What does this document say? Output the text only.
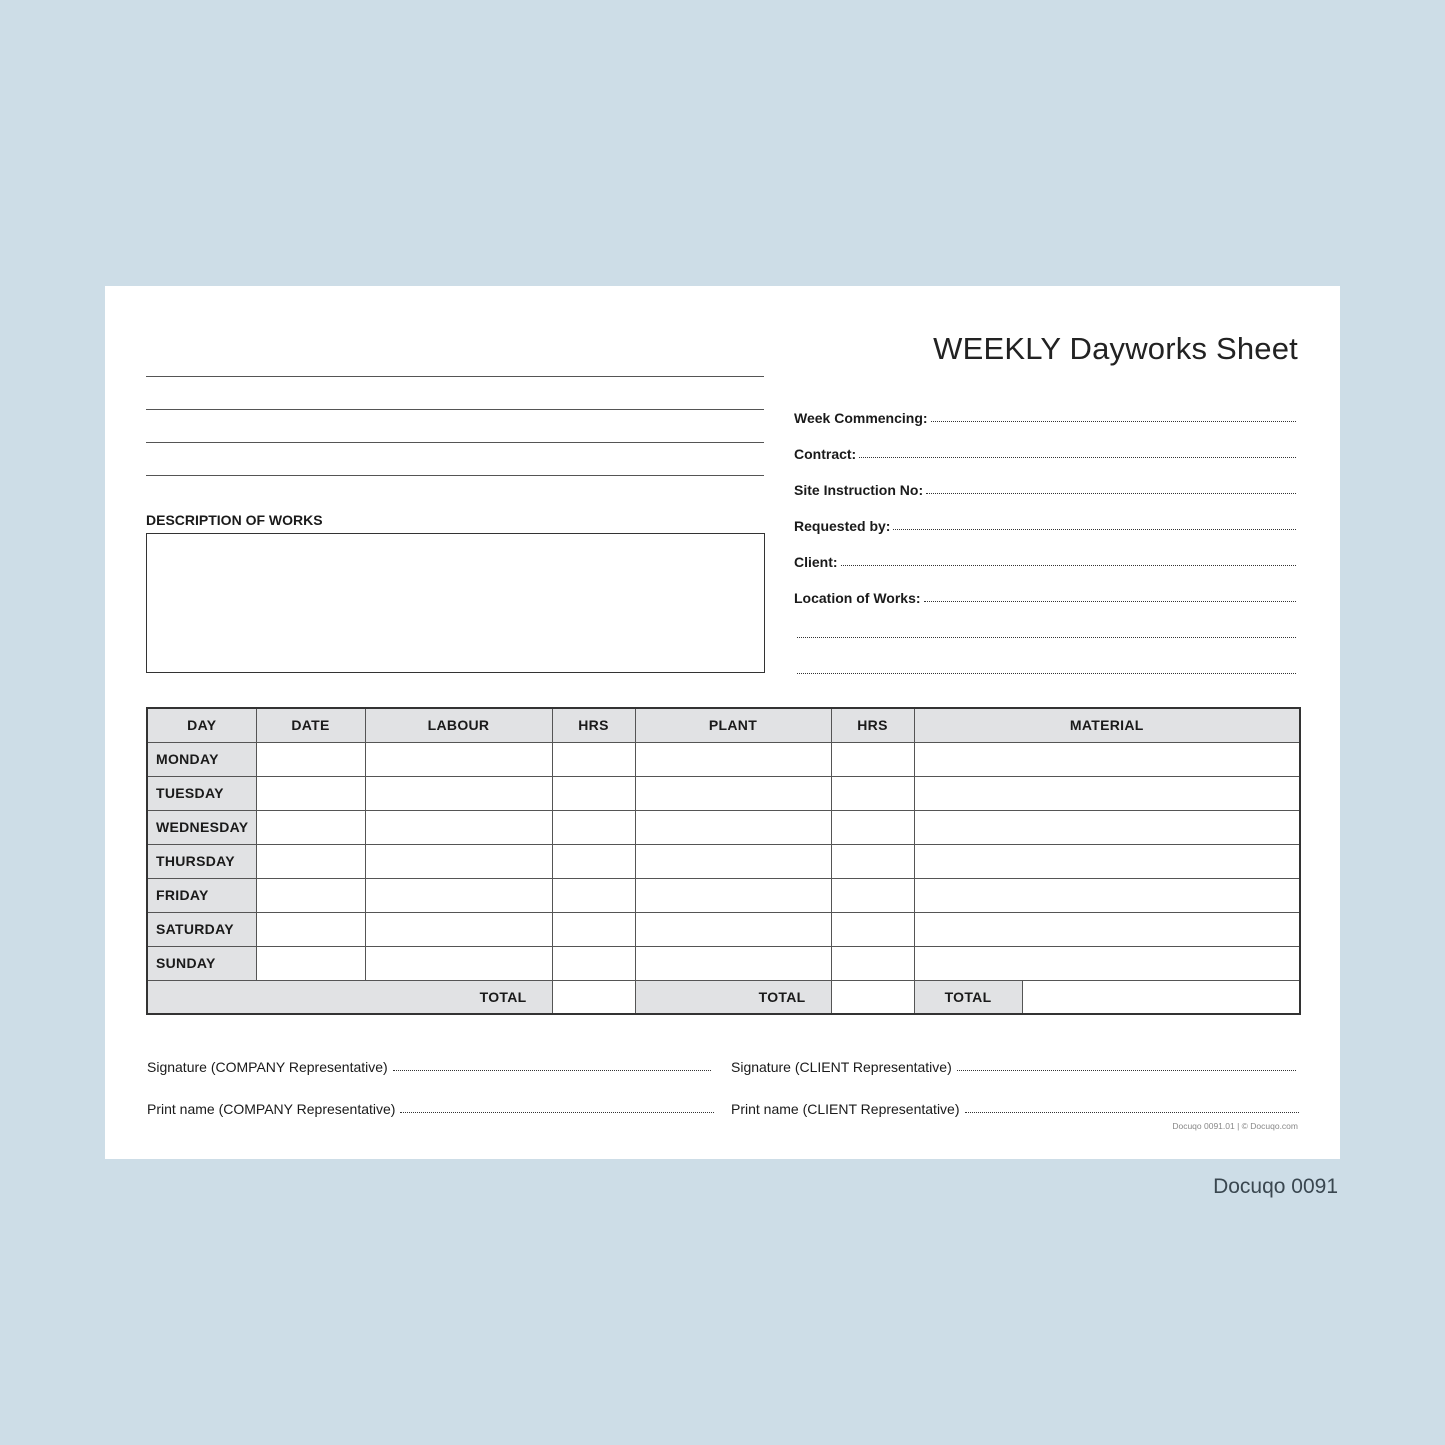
WEEKLY Dayworks Sheet
DESCRIPTION OF WORKS
Week Commencing:
Contract:
Site Instruction No:
Requested by:
Client:
Location of Works:
DAY	DATE	LABOUR	HRS	PLANT	HRS	MATERIAL
MONDAY						
TUESDAY						
WEDNESDAY						
THURSDAY						
FRIDAY						
SATURDAY						
SUNDAY						
TOTAL				TOTAL		TOTAL
Signature (COMPANY Representative)	Signature (CLIENT Representative)
Print name (COMPANY Representative)	Print name (CLIENT Representative)
Docuqo 0091.01 | © Docuqo.com
Docuqo 0091
